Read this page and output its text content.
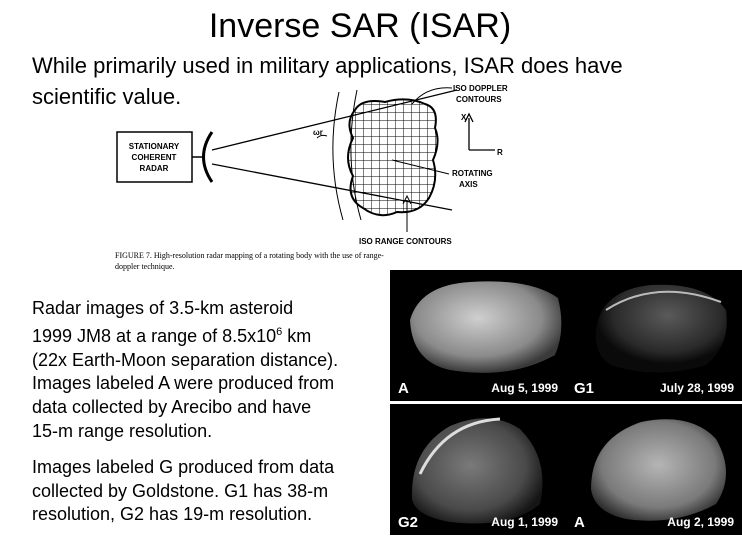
Inverse SAR (ISAR)
While primarily used in military applications, ISAR does have scientific value.
STATIONARY
COHERENT
RADAR
ωr
ISO DOPPLER
CONTOURS
X
R
ROTATING
AXIS
ISO RANGE CONTOURS
FIGURE 7. High-resolution radar mapping of a rotating body with the use of range-
doppler technique.
Radar images of 3.5-km asteroid
1999 JM8 at a range of $8.5x10^6$ km
(22x Earth-Moon separation distance).
Images labeled A were produced from
data collected by Arecibo and have
15-m range resolution.
Images labeled G produced from data
collected by Goldstone. G1 has 38-m
resolution, G2 has 19-m resolution.
A	Aug 5, 1999 G1	July 28, 1999
G2	Aug 1, 1999 A	Aug 2, 1999
